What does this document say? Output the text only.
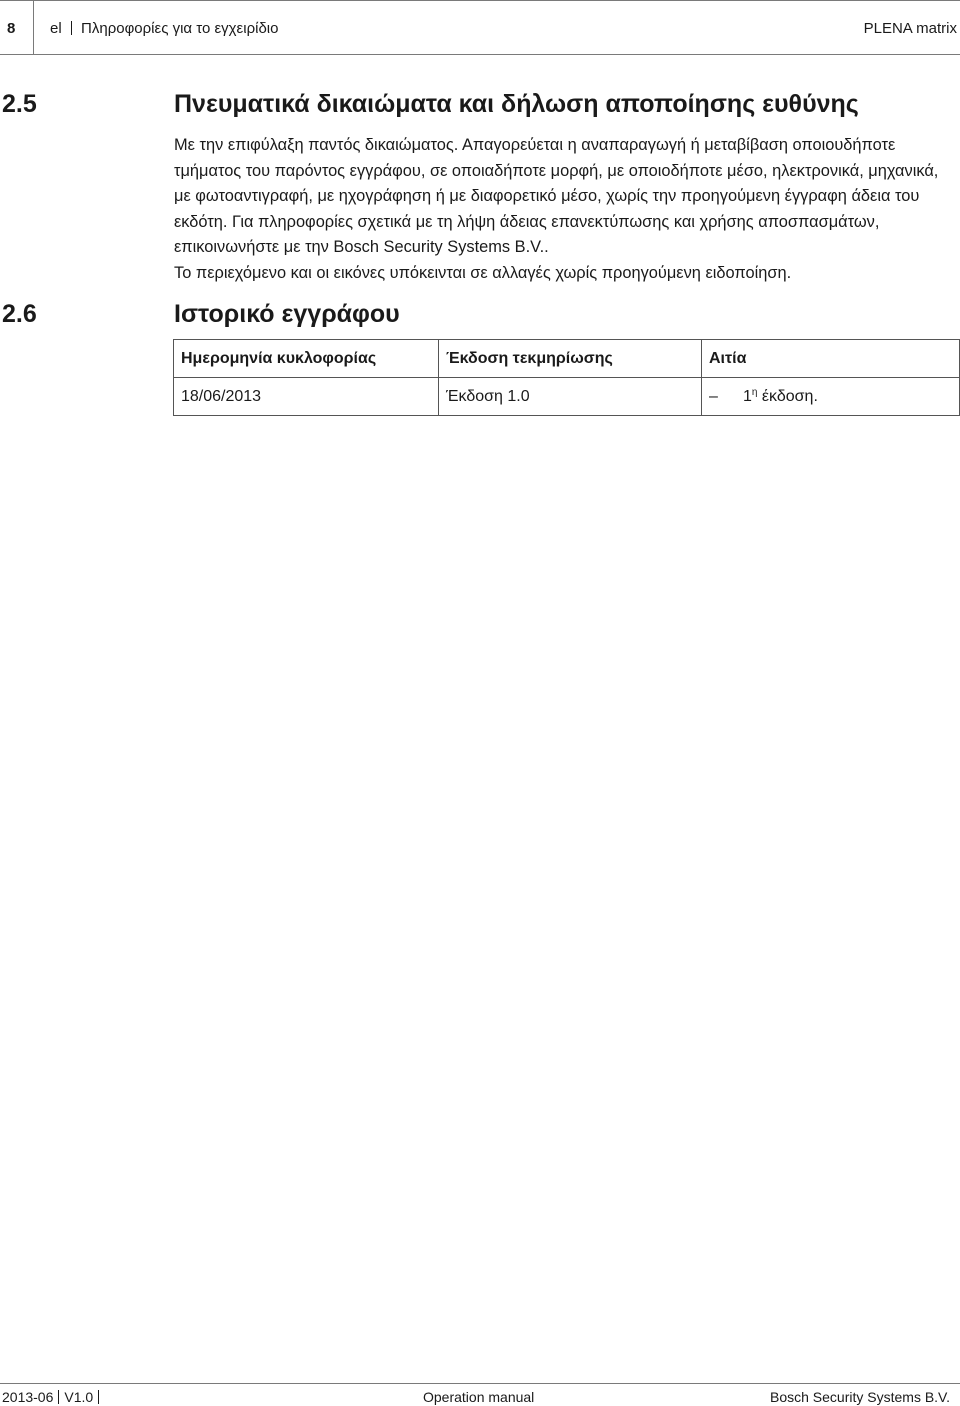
8 el Πληροφορίες για το εγχειρίδιο	PLENA matrix
2.5	Πνευματικά δικαιώματα και δήλωση αποποίησης ευθύνης

Με την επιφύλαξη παντός δικαιώματος. Απαγορεύεται η αναπαραγωγή ή μεταβίβαση οποιουδήποτε τμήματος του παρόντος εγγράφου, σε οποιαδήποτε μορφή, με οποιοδήποτε μέσο, ηλεκτρονικά, μηχανικά, με φωτοαντιγραφή, με ηχογράφηση ή με διαφορετικό μέσο, χωρίς την προηγούμενη έγγραφη άδεια του εκδότη. Για πληροφορίες σχετικά με τη λήψη άδειας επανεκτύπωσης και χρήσης αποσπασμάτων, επικοινωνήστε με την Bosch Security Systems B.V..

Το περιεχόμενο και οι εικόνες υπόκεινται σε αλλαγές χωρίς προηγούμενη ειδοποίηση.

2.6	Ιστορικό εγγράφου
Ημερομηνία κυκλοφορίας	Έκδοση τεκμηρίωσης	Αιτία
18/06/2013	Έκδοση 1.0	– $1^\eta$ έκδοση.
2013-06 V1.0	Operation manual	Bosch Security Systems B.V.
